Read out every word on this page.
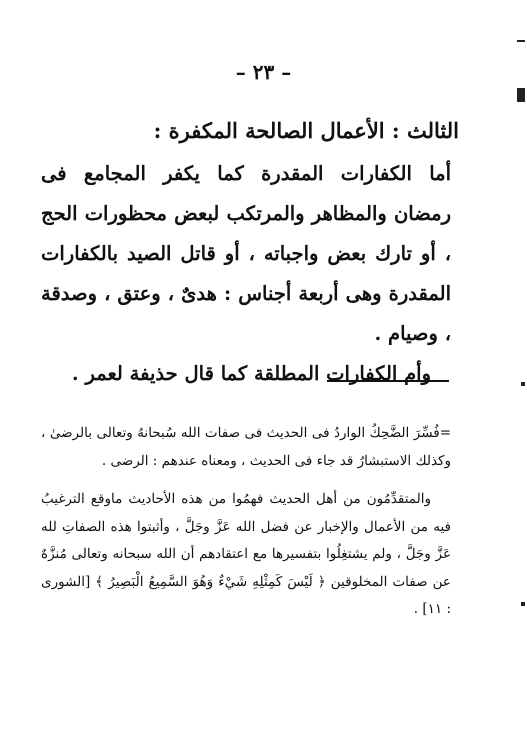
– ٢٣ –
الثالث : الأعمال الصالحة المكفرة :

أما الكفارات المقدرة كما يكفر المجامع فى رمضان والمظاهر والمرتكب لبعض محظورات الحج ، أو تارك بعض واجباته ، أو قاتل الصيد بالكفارات المقدرة وهى أربعة أجناس : هدىٌ ، وعتق ، وصدقة ، وصيام .

وأم الكفارات المطلقة كما قال حذيفة لعمر .

=فُسِّرَ الضَّحِكُ الواردُ فى الحديث فى صفات الله سُبحانهُ وتعالى بالرضىٰ ، وكذلك الاستبشارُ قد جاء فى الحديث ، ومعناه عندهم : الرضى .

والمتقدِّمُون من أهل الحديث فهمُوا من هذه الأحاديث ماوقع الترغيبُ فيه من الأعمال والإخبار عن فضل الله عَزَّ وجَلَّ ، وأثبتوا هذه الصفاتِ لله عَزَّ وجَلَّ ، ولم يشتغِلُوا بتفسيرها مع اعتقادهم أن الله سبحانه وتعالى مُنزَّهٌ عن صفات المخلوقين ﴿ لَيْسَ كَمِثْلِهِ شَيْءٌ وَهُوَ السَّمِيعُ الْبَصِيرُ ﴾ [الشورى : ١١] .
